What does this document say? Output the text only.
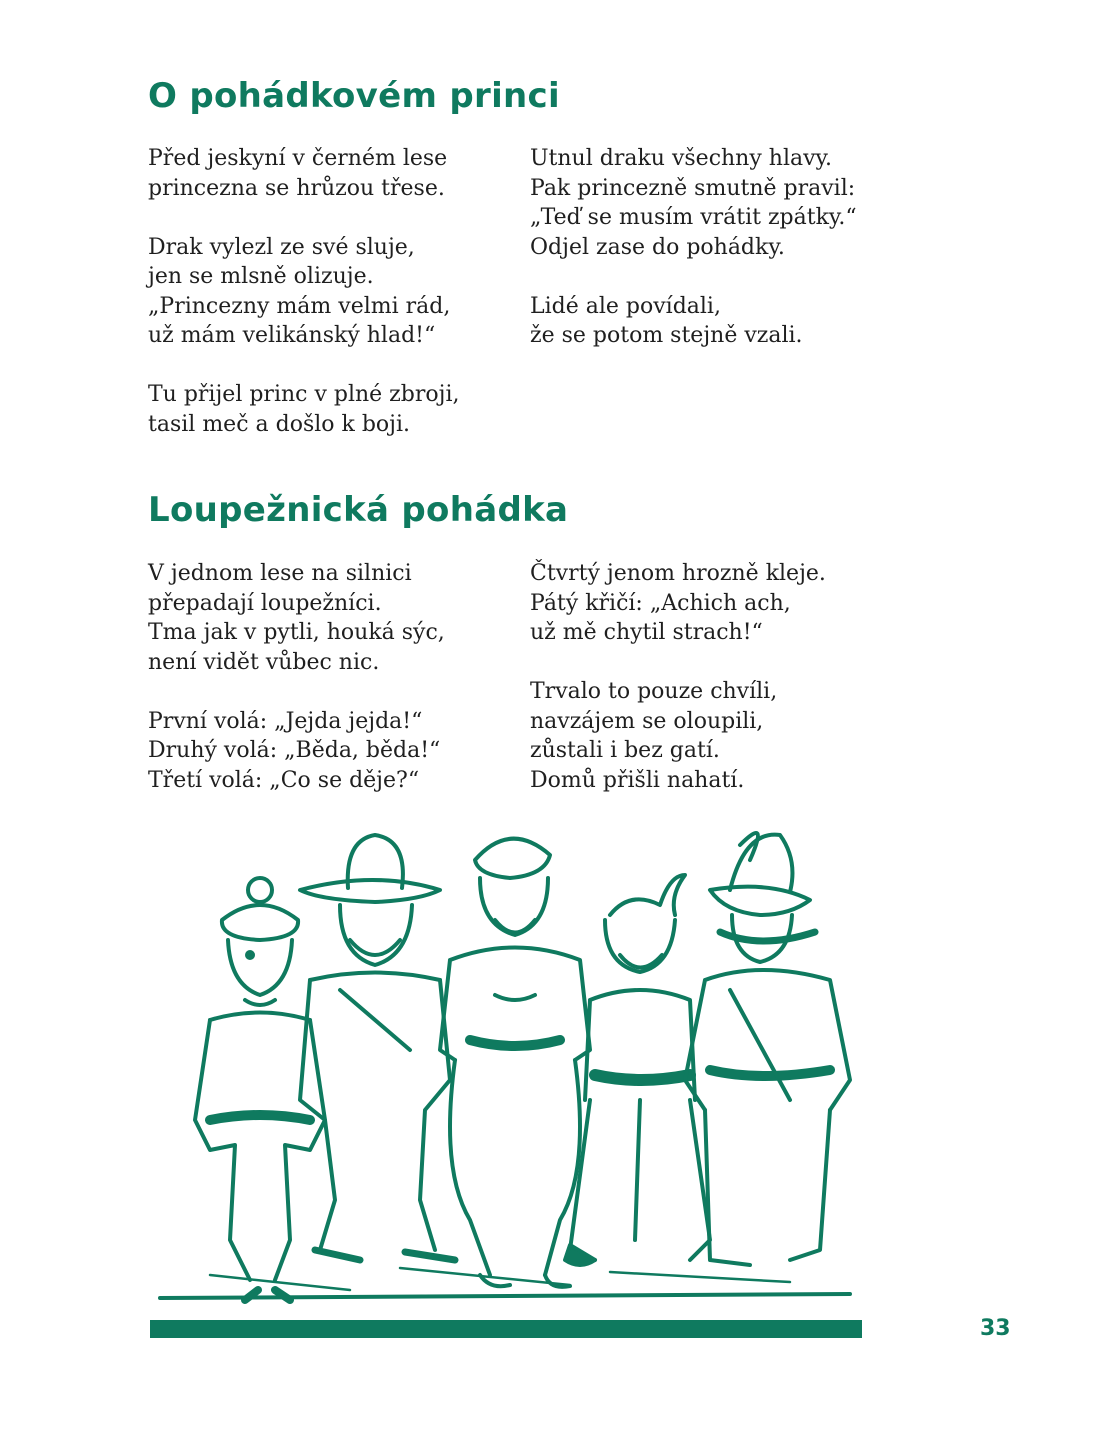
O pohádkovém princi

Před jeskyní v černém lese
princezna se hrůzou třese.

Drak vylezl ze své sluje,
jen se mlsně olizuje.
„Princezny mám velmi rád,
už mám velikánský hlad!“

Tu přijel princ v plné zbroji,
tasil meč a došlo k boji.

Utnul draku všechny hlavy.
Pak princezně smutně pravil:
„Teď se musím vrátit zpátky.“
Odjel zase do pohádky.

Lidé ale povídali,
že se potom stejně vzali.

Loupežnická pohádka

V jednom lese na silnici
přepadají loupežníci.
Tma jak v pytli, houká sýc,
není vidět vůbec nic.

První volá: „Jejda jejda!“
Druhý volá: „Běda, běda!“
Třetí volá: „Co se děje?“

Čtvrtý jenom hrozně kleje.
Pátý křičí: „Achich ach,
už mě chytil strach!“

Trvalo to pouze chvíli,
navzájem se oloupili,
zůstali i bez gatí.
Domů přišli nahatí.

33
